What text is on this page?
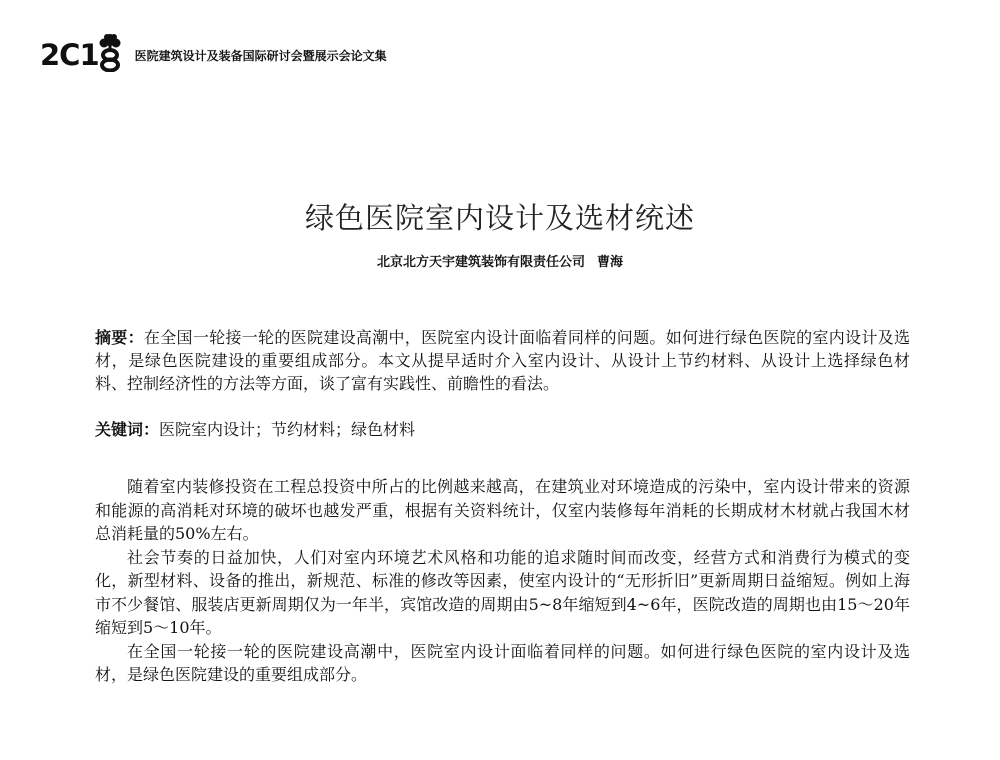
2C1	医院建筑设计及装备国际研讨会暨展示会论文集
绿色医院室内设计及选材统述
北京北方天宇建筑装饰有限责任公司 曹海

摘要：在全国一轮接一轮的医院建设高潮中，医院室内设计面临着同样的问题。如何进行绿色医院的室内设计及选材，是绿色医院建设的重要组成部分。本文从提早适时介入室内设计、从设计上节约材料、从设计上选择绿色材料、控制经济性的方法等方面，谈了富有实践性、前瞻性的看法。

关键词：医院室内设计；节约材料；绿色材料

随着室内装修投资在工程总投资中所占的比例越来越高，在建筑业对环境造成的污染中，室内设计带来的资源和能源的高消耗对环境的破坏也越发严重，根据有关资料统计，仅室内装修每年消耗的长期成材木材就占我国木材总消耗量的50%左右。

社会节奏的日益加快，人们对室内环境艺术风格和功能的追求随时间而改变，经营方式和消费行为模式的变化，新型材料、设备的推出，新规范、标准的修改等因素，使室内设计的“无形折旧”更新周期日益缩短。例如上海市不少餐馆、服装店更新周期仅为一年半，宾馆改造的周期由5~8年缩短到4~6年，医院改造的周期也由15～20年缩短到5～10年。

在全国一轮接一轮的医院建设高潮中，医院室内设计面临着同样的问题。如何进行绿色医院的室内设计及选材，是绿色医院建设的重要组成部分。
